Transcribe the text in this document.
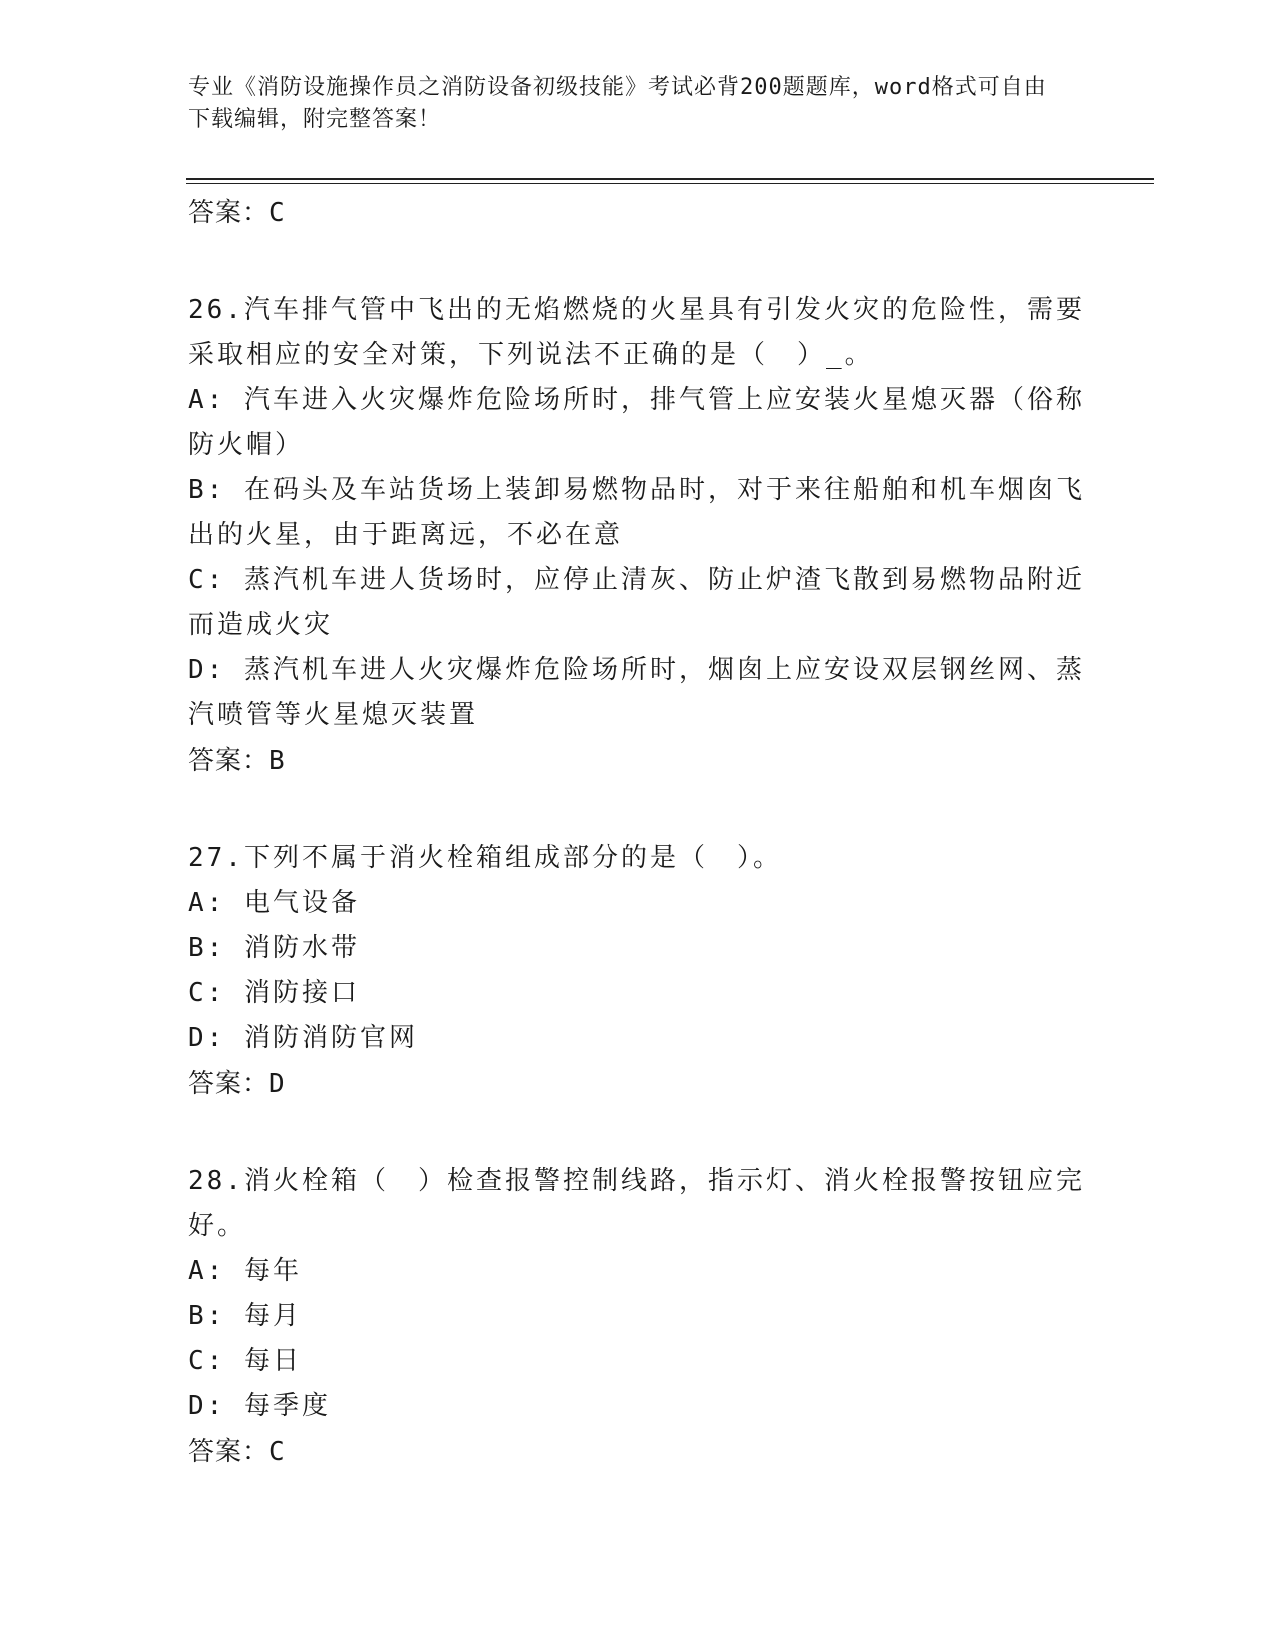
专业《消防设施操作员之消防设备初级技能》考试必背200题题库，word格式可自由下载编辑，附完整答案！
答案：C
26.汽车排气管中飞出的无焰燃烧的火星具有引发火灾的危险性，需要采取相应的安全对策，下列说法不正确的是（　）_。
A: 汽车进入火灾爆炸危险场所时，排气管上应安装火星熄灭器（俗称防火帽）
B: 在码头及车站货场上装卸易燃物品时，对于来往船舶和机车烟囱飞出的火星，由于距离远，不必在意
C: 蒸汽机车进人货场时，应停止清灰、防止炉渣飞散到易燃物品附近而造成火灾
D: 蒸汽机车进人火灾爆炸危险场所时，烟囱上应安设双层钢丝网、蒸汽喷管等火星熄灭装置
答案：B
27.下列不属于消火栓箱组成部分的是（　）。
A: 电气设备
B: 消防水带
C: 消防接口
D: 消防消防官网
答案：D
28.消火栓箱（　）检查报警控制线路，指示灯、消火栓报警按钮应完好。
A: 每年
B: 每月
C: 每日
D: 每季度
答案：C
